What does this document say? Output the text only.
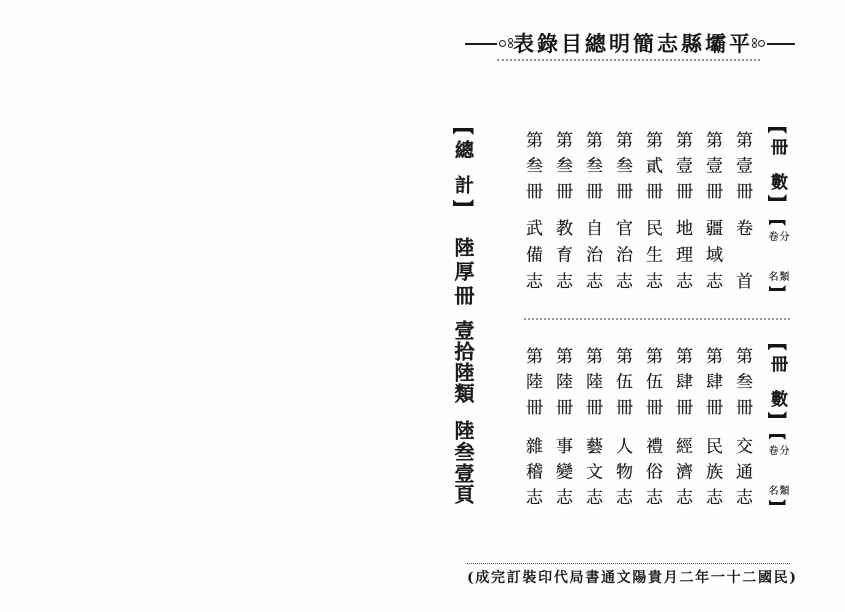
平壩縣志簡明總目錄表
總計
陸厚冊
壹拾陸類
陸叁壹頁
冊數
分類
卷名
第壹冊
卷首
第壹冊
疆域志
第壹冊
地理志
第貳冊
民生志
第叁冊
官治志
第叁冊
自治志
第叁冊
教育志
第叁冊
武備志
冊數
分類
卷名
第叁冊
交通志
第肆冊
民族志
第肆冊
經濟志
第伍冊
禮俗志
第伍冊
人物志
第陸冊
藝文志
第陸冊
事變志
第陸冊
雜稽志
(民國二十一年二月貴陽文通書局代印裝訂完成)
